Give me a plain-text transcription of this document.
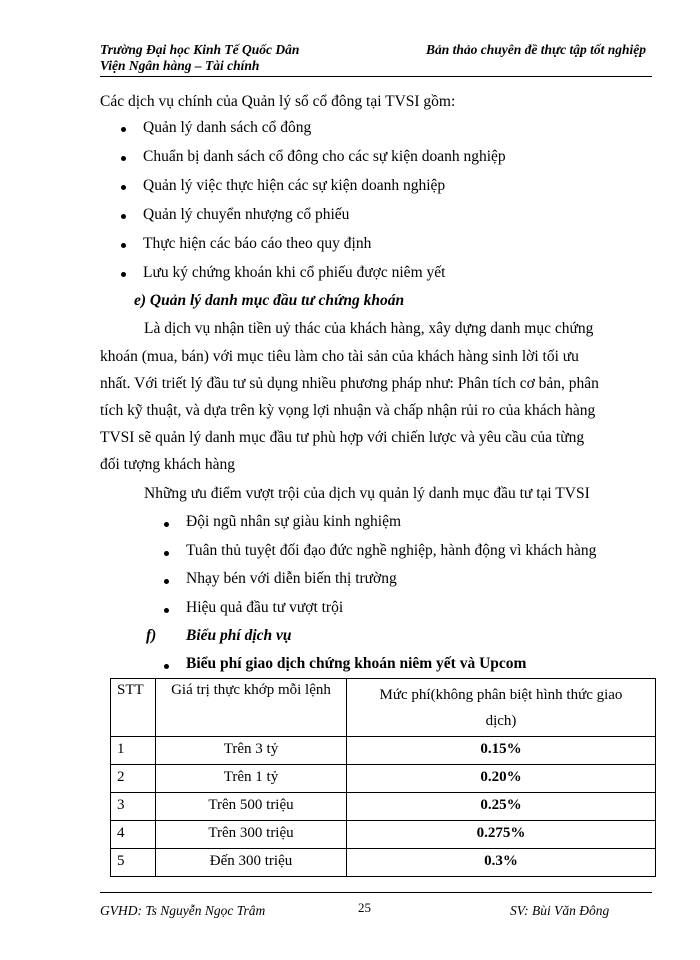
Trường Đại học Kinh Tế Quốc Dân
Viện Ngân hàng – Tài chính
Bản thảo chuyên đề thực tập tốt nghiệp
Các dịch vụ chính của Quản lý sổ cổ đông tại TVSI gồm:
Quản lý danh sách cổ đông
Chuẩn bị danh sách cổ đông cho các sự kiện doanh nghiệp
Quản lý việc thực hiện các sự kiện doanh nghiệp
Quản lý chuyển nhượng cổ phiếu
Thực hiện các báo cáo theo quy định
Lưu ký chứng khoán khi cổ phiếu được niêm yết
e) Quản lý danh mục đầu tư chứng khoán
Là dịch vụ nhận tiền uỷ thác của khách hàng, xây dựng danh mục chứng
khoán (mua, bán) với mục tiêu làm cho tài sản của khách hàng sinh lời tối ưu
nhất. Với triết lý đầu tư sủ dụng nhiều phương pháp như: Phân tích cơ bản, phân
tích kỹ thuật, và dựa trên kỳ vọng lợi nhuận và chấp nhận rủi ro của khách hàng
TVSI sẽ quản lý danh mục đầu tư phù hợp với chiến lược và yêu cầu của từng
đối tượng khách hàng
Những ưu điểm vượt trội của dịch vụ quản lý danh mục đầu tư tại TVSI
Đội ngũ nhân sự giàu kinh nghiệm
Tuân thủ tuyệt đối đạo đức nghề nghiệp, hành động vì khách hàng
Nhạy bén với diễn biến thị trường
Hiệu quả đầu tư vượt trội
f) Biểu phí dịch vụ
Biểu phí giao dịch chứng khoán niêm yết và Upcom
STT	Giá trị thực khớp mỗi lệnh	Mức phí(không phân biệt hình thức giao
dịch)

1	Trên 3 tỷ	0.15%
2	Trên 1 tỷ	0.20%
3	Trên 500 triệu	0.25%
4	Trên 300 triệu	0.275%
5	Đến 300 triệu	0.3%
GVHD: Ts Nguyễn Ngọc Trâm	25	SV: Bùi Văn Đông
